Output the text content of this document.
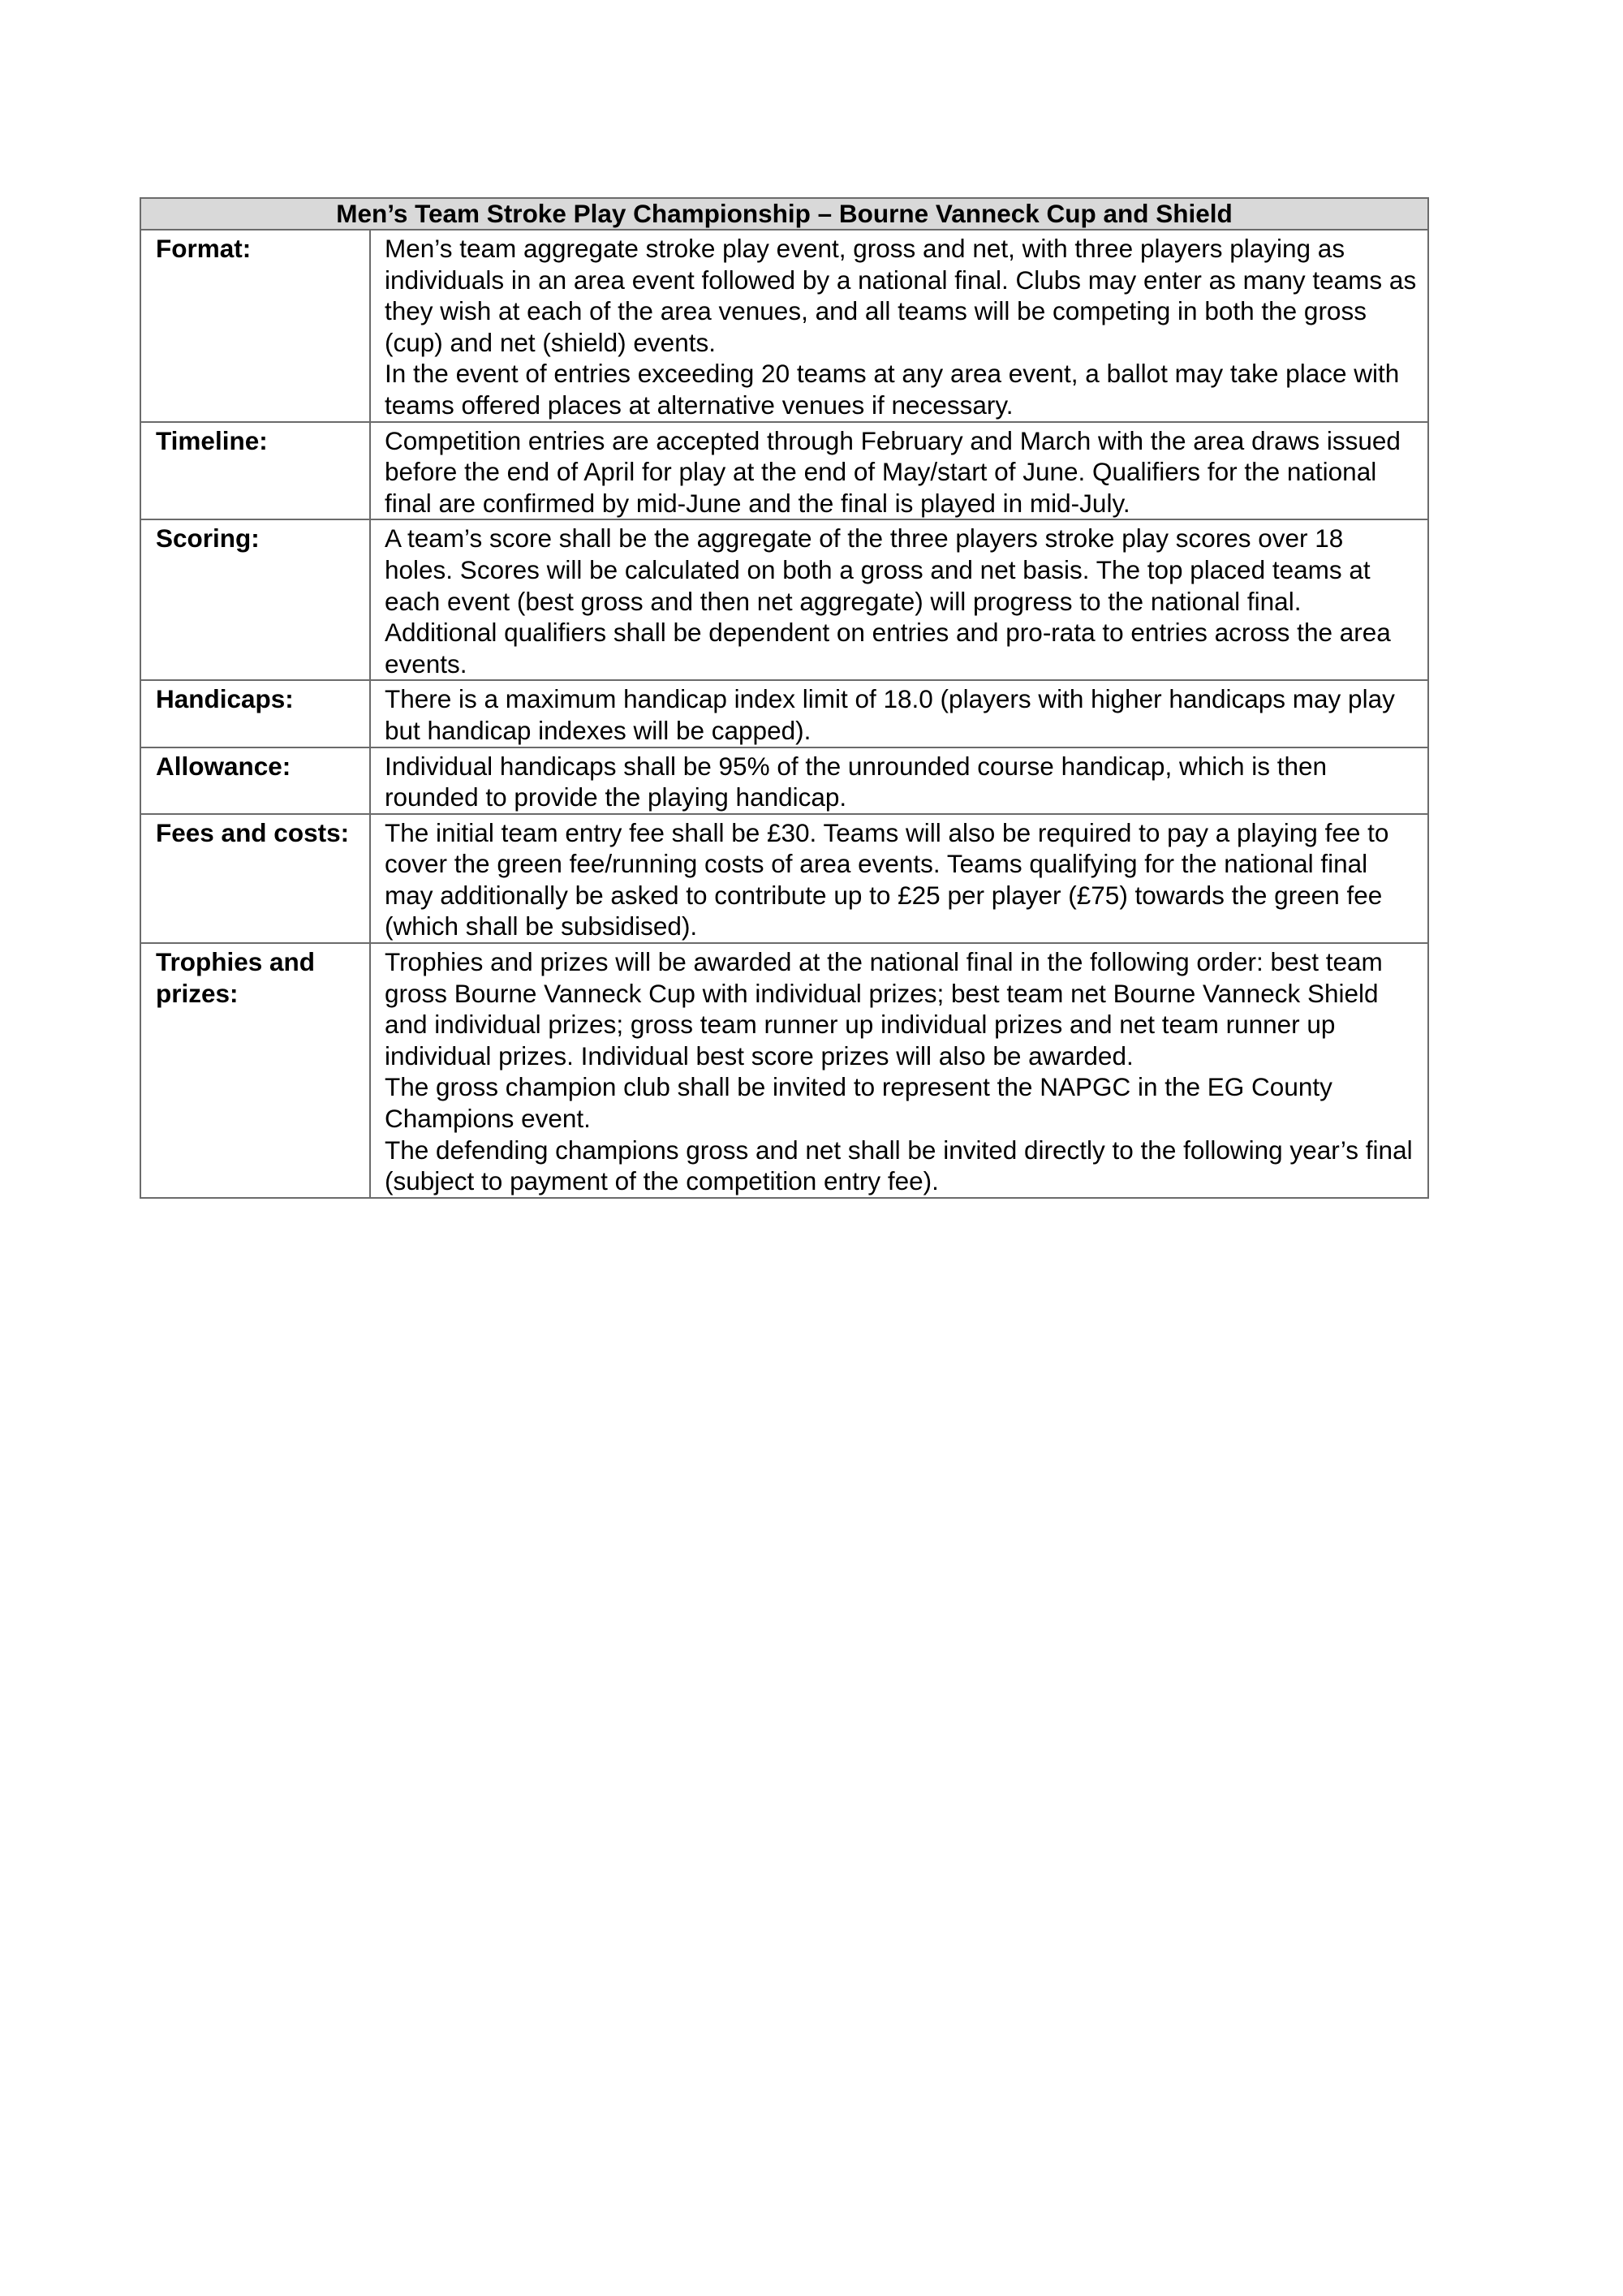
Men’s Team Stroke Play Championship – Bourne Vanneck Cup and Shield	
Format:	Men’s team aggregate stroke play event, gross and net, with three players playing as individuals in an area event followed by a national final. Clubs may enter as many teams as they wish at each of the area venues, and all teams will be competing in both the gross (cup) and net (shield) events.
In the event of entries exceeding 20 teams at any area event, a ballot may take place with teams offered places at alternative venues if necessary.

Timeline:	Competition entries are accepted through February and March with the area draws issued before the end of April for play at the end of May/start of June. Qualifiers for the national final are confirmed by mid-June and the final is played in mid-July.

Scoring:	A team’s score shall be the aggregate of the three players stroke play scores over 18 holes. Scores will be calculated on both a gross and net basis. The top placed teams at each event (best gross and then net aggregate) will progress to the national final. Additional qualifiers shall be dependent on entries and pro-rata to entries across the area events.

Handicaps:	There is a maximum handicap index limit of 18.0 (players with higher handicaps may play but handicap indexes will be capped).

Allowance:	Individual handicaps shall be 95% of the unrounded course handicap, which is then rounded to provide the playing handicap.

Fees and costs:	The initial team entry fee shall be £30. Teams will also be required to pay a playing fee to cover the green fee/running costs of area events. Teams qualifying for the national final may additionally be asked to contribute up to £25 per player (£75) towards the green fee (which shall be subsidised).

Trophies and prizes:	Trophies and prizes will be awarded at the national final in the following order: best team gross Bourne Vanneck Cup with individual prizes; best team net Bourne Vanneck Shield and individual prizes; gross team runner up individual prizes and net team runner up individual prizes. Individual best score prizes will also be awarded.
The gross champion club shall be invited to represent the NAPGC in the EG County Champions event.
The defending champions gross and net shall be invited directly to the following year’s final (subject to payment of the competition entry fee).
